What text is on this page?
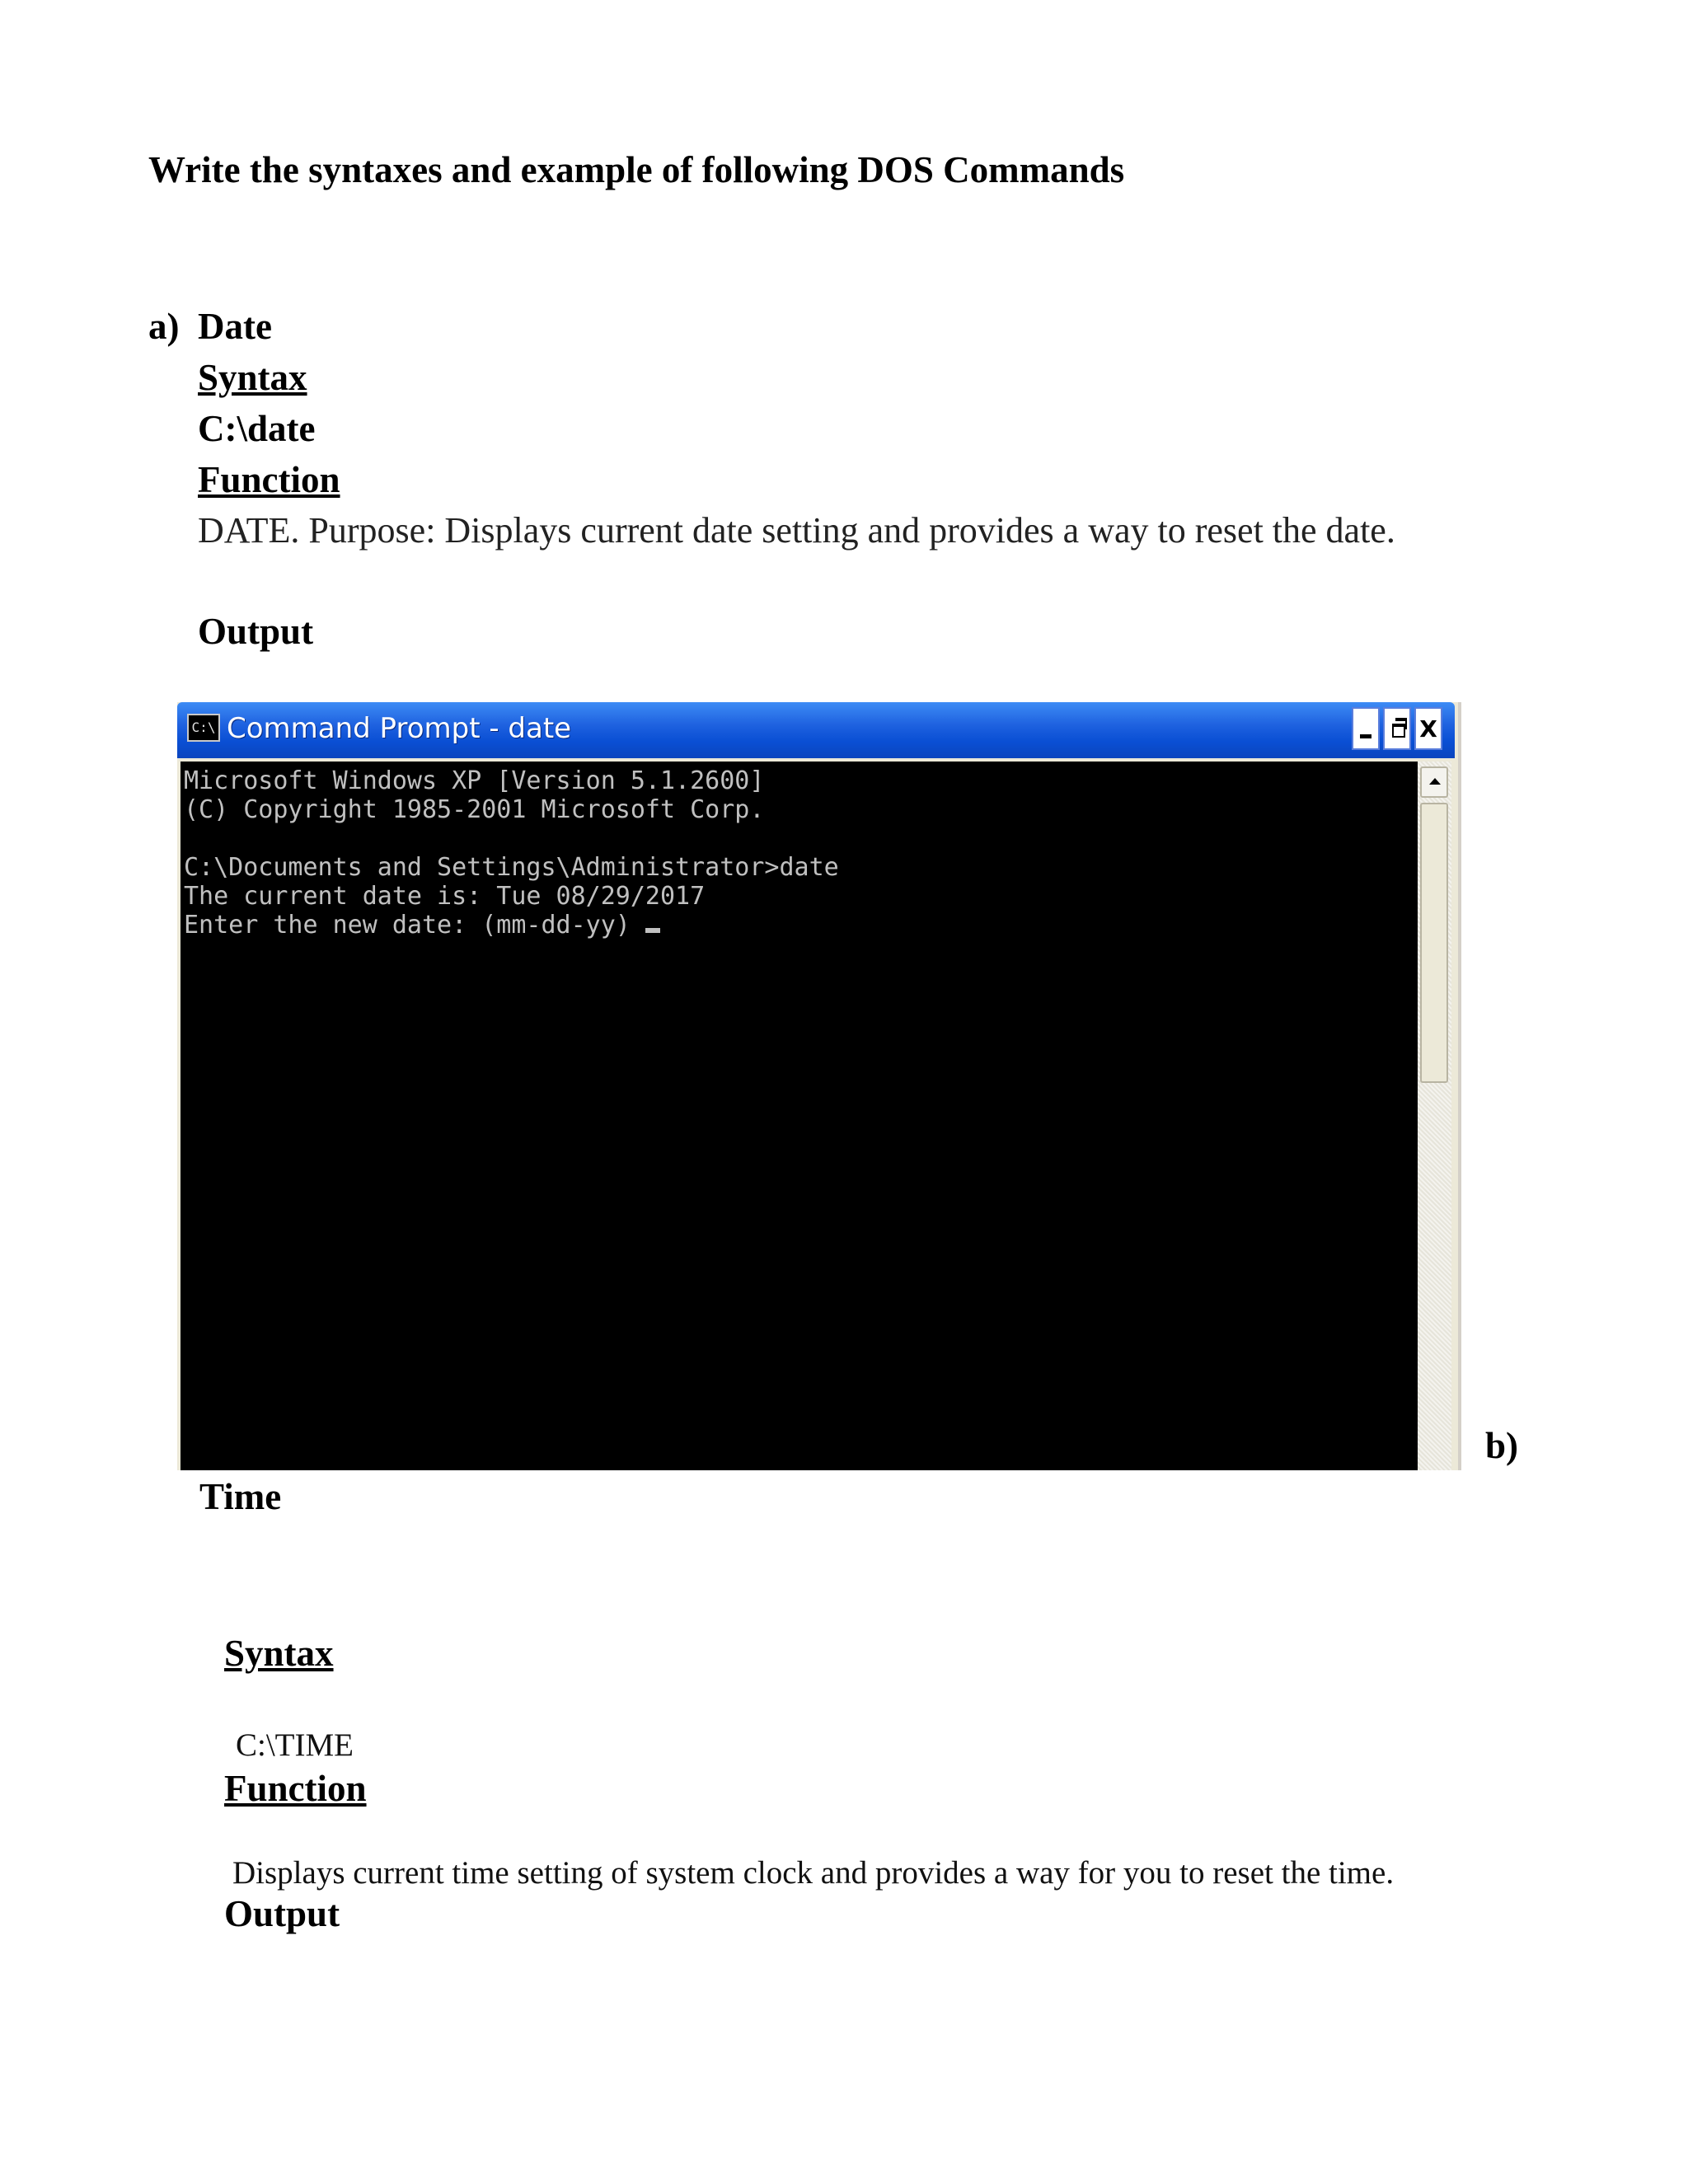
Write the syntaxes and example of following DOS Commands
a) Date
Syntax
C:\date
Function
DATE. Purpose: Displays current date setting and provides a way to reset the date.
Output
C:\ Command Prompt - date	X
Microsoft Windows XP [Version 5.1.2600]
(C) Copyright 1985-2001 Microsoft Corp.
C:\Documents and Settings\Administrator>date
The current date is: Tue 08/29/2017
Enter the new date: (mm-dd-yy)
b)
Time
Syntax
C:\TIME
Function
Displays current time setting of system clock and provides a way for you to reset the time.
Output
